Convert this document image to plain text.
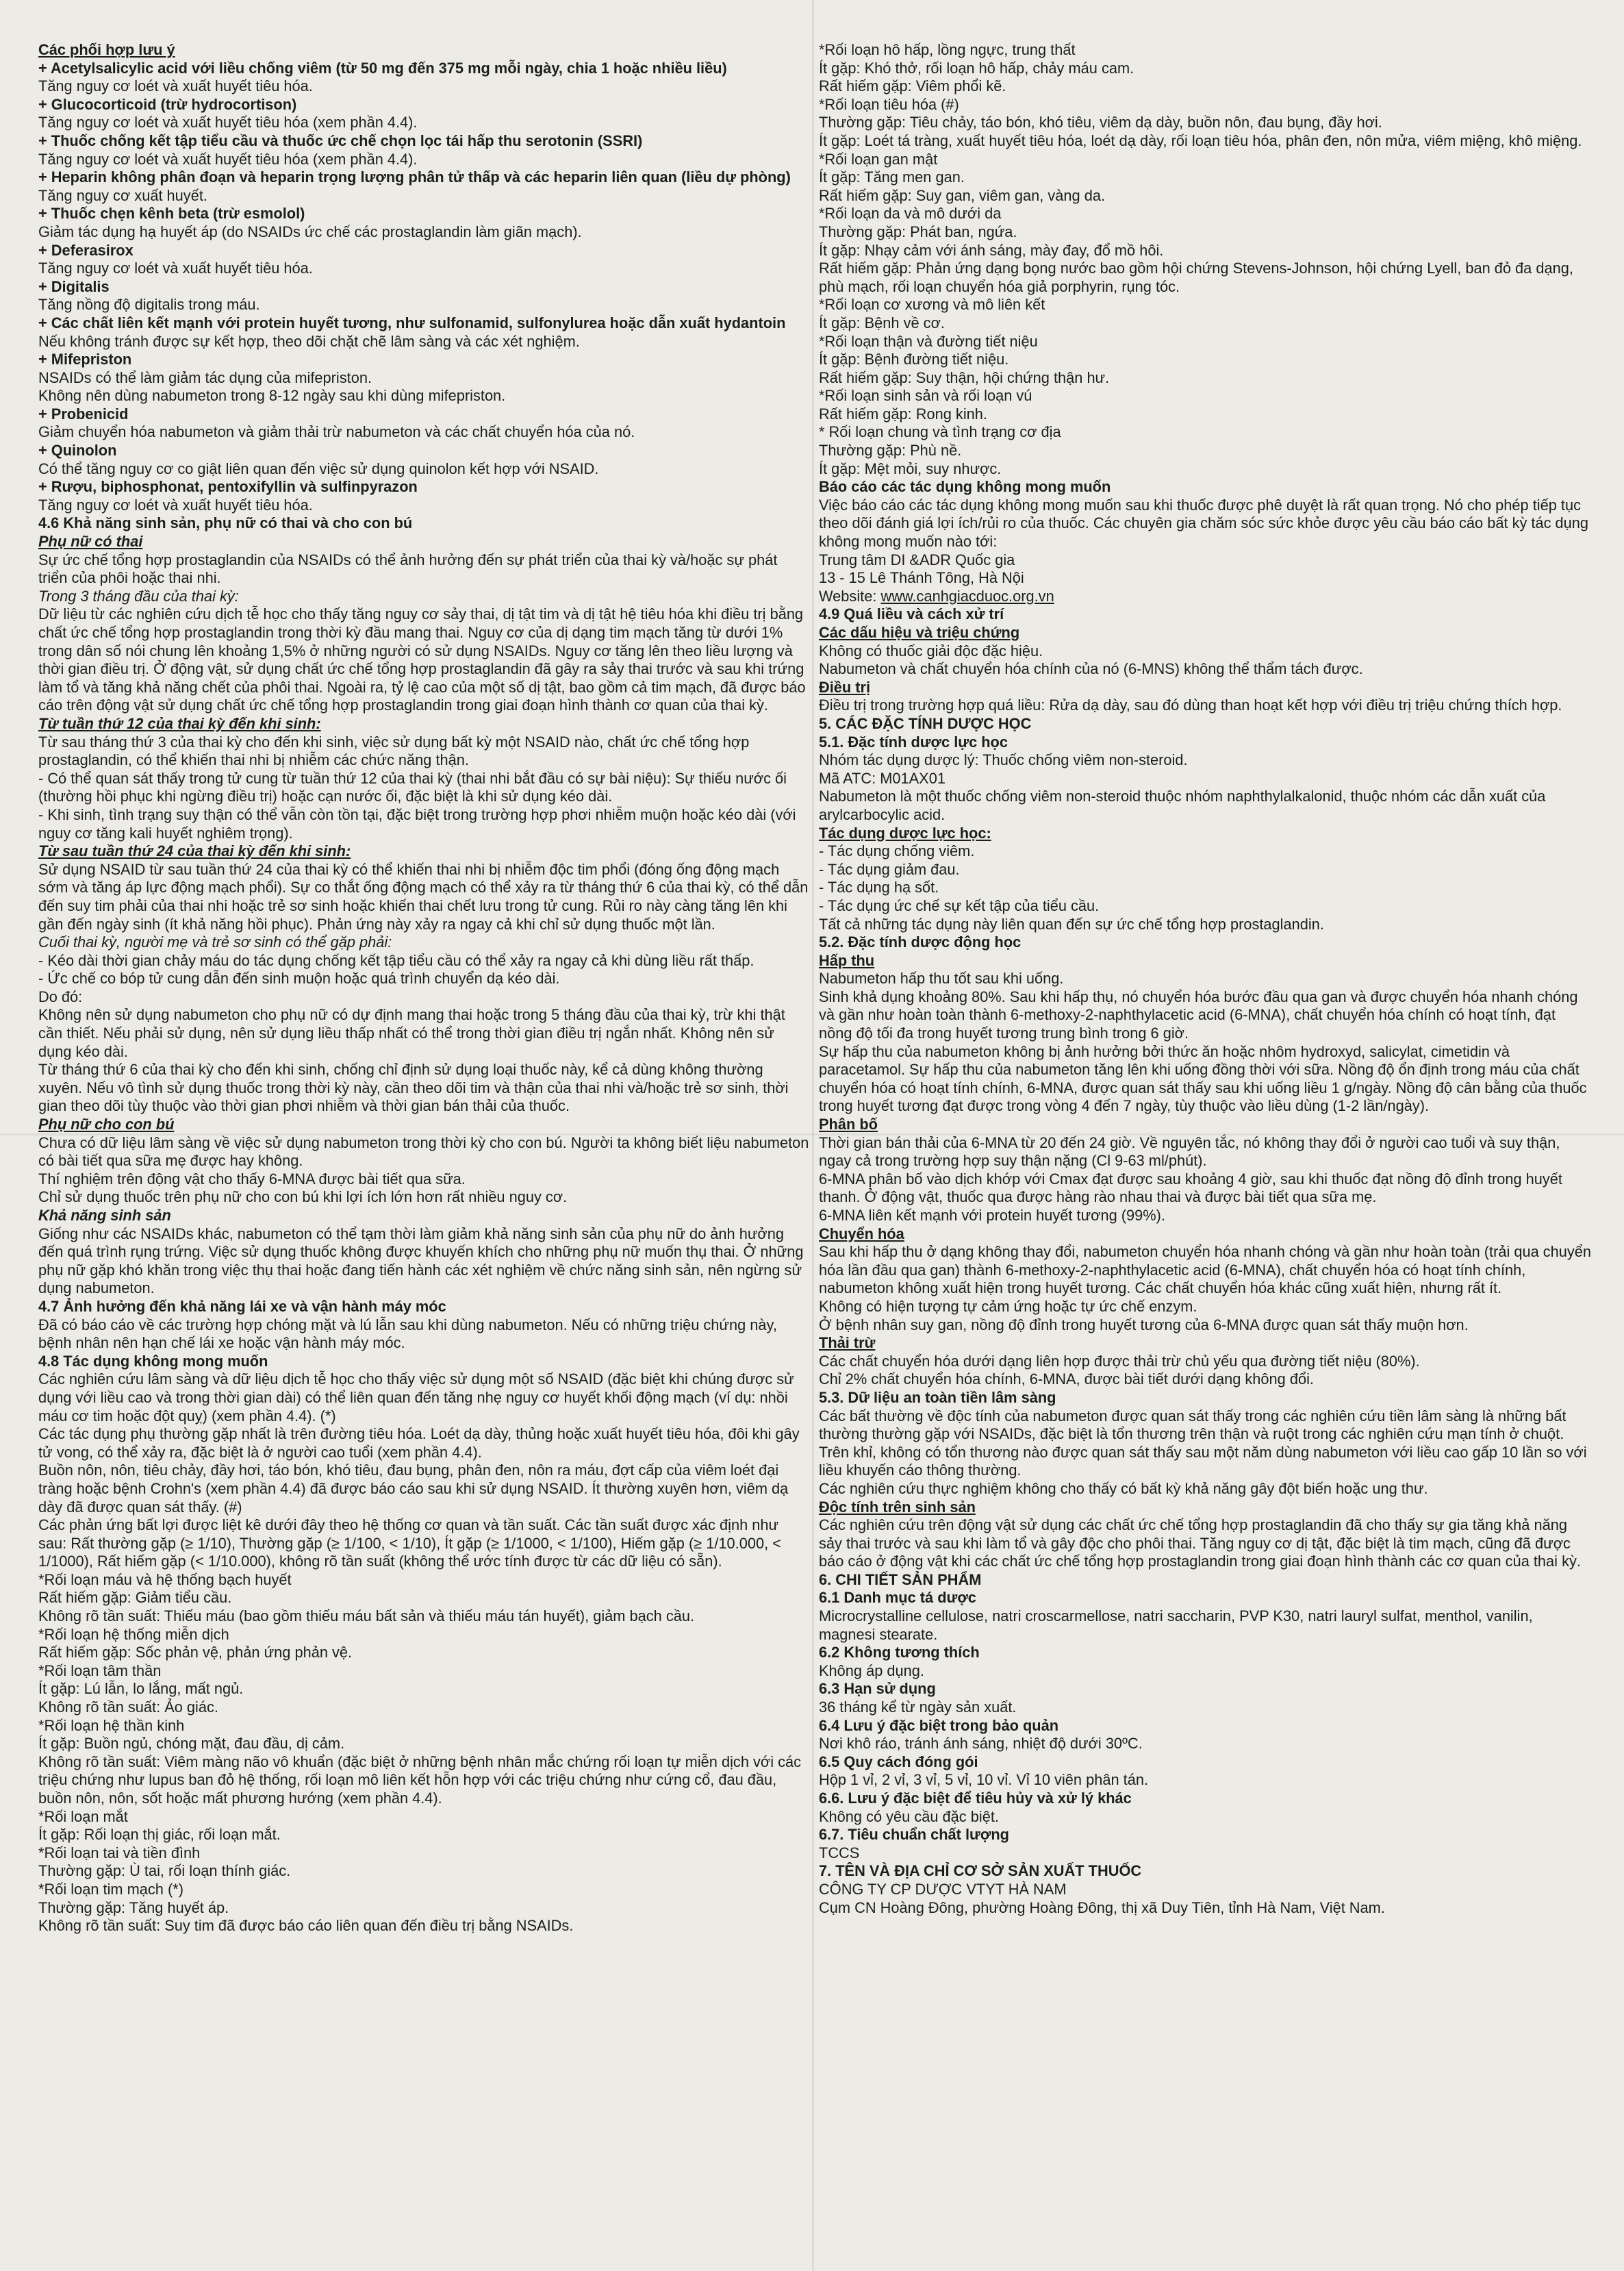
Các phối hợp lưu ý

+ Acetylsalicylic acid với liều chống viêm (từ 50 mg đến 375 mg mỗi ngày, chia 1 hoặc nhiều liều)

Tăng nguy cơ loét và xuất huyết tiêu hóa.

+ Glucocorticoid (trừ hydrocortison)

Tăng nguy cơ loét và xuất huyết tiêu hóa (xem phần 4.4).

+ Thuốc chống kết tập tiểu cầu và thuốc ức chế chọn lọc tái hấp thu serotonin (SSRI)

Tăng nguy cơ loét và xuất huyết tiêu hóa (xem phần 4.4).

+ Heparin không phân đoạn và heparin trọng lượng phân tử thấp và các heparin liên quan (liều dự phòng)

Tăng nguy cơ xuất huyết.

+ Thuốc chẹn kênh beta (trừ esmolol)

Giảm tác dụng hạ huyết áp (do NSAIDs ức chế các prostaglandin làm giãn mạch).

+ Deferasirox

Tăng nguy cơ loét và xuất huyết tiêu hóa.

+ Digitalis

Tăng nồng độ digitalis trong máu.

+ Các chất liên kết mạnh với protein huyết tương, như sulfonamid, sulfonylurea hoặc dẫn xuất hydantoin

Nếu không tránh được sự kết hợp, theo dõi chặt chẽ lâm sàng và các xét nghiệm.

+ Mifepriston

NSAIDs có thể làm giảm tác dụng của mifepriston.

Không nên dùng nabumeton trong 8-12 ngày sau khi dùng mifepriston.

+ Probenicid

Giảm chuyển hóa nabumeton và giảm thải trừ nabumeton và các chất chuyển hóa của nó.

+ Quinolon

Có thể tăng nguy cơ co giật liên quan đến việc sử dụng quinolon kết hợp với NSAID.

+ Rượu, biphosphonat, pentoxifyllin và sulfinpyrazon

Tăng nguy cơ loét và xuất huyết tiêu hóa.

4.6 Khả năng sinh sản, phụ nữ có thai và cho con bú

Phụ nữ có thai

Sự ức chế tổng hợp prostaglandin của NSAIDs có thể ảnh hưởng đến sự phát triển của thai kỳ và/hoặc sự phát triển của phôi hoặc thai nhi.

Trong 3 tháng đầu của thai kỳ:

Dữ liệu từ các nghiên cứu dịch tễ học cho thấy tăng nguy cơ sảy thai, dị tật tim và dị tật hệ tiêu hóa khi điều trị bằng chất ức chế tổng hợp prostaglandin trong thời kỳ đầu mang thai. Nguy cơ của dị dạng tim mạch tăng từ dưới 1% trong dân số nói chung lên khoảng 1,5% ở những người có sử dụng NSAIDs. Nguy cơ tăng lên theo liều lượng và thời gian điều trị. Ở động vật, sử dụng chất ức chế tổng hợp prostaglandin đã gây ra sảy thai trước và sau khi trứng làm tổ và tăng khả năng chết của phôi thai. Ngoài ra, tỷ lệ cao của một số dị tật, bao gồm cả tim mạch, đã được báo cáo trên động vật sử dụng chất ức chế tổng hợp prostaglandin trong giai đoạn hình thành cơ quan của thai kỳ.

Từ tuần thứ 12 của thai kỳ đến khi sinh:

Từ sau tháng thứ 3 của thai kỳ cho đến khi sinh, việc sử dụng bất kỳ một NSAID nào, chất ức chế tổng hợp prostaglandin, có thể khiến thai nhi bị nhiễm các chức năng thận.

- Có thể quan sát thấy trong tử cung từ tuần thứ 12 của thai kỳ (thai nhi bắt đầu có sự bài niệu): Sự thiếu nước ối (thường hồi phục khi ngừng điều trị) hoặc cạn nước ối, đặc biệt là khi sử dụng kéo dài.

- Khi sinh, tình trạng suy thận có thể vẫn còn tồn tại, đặc biệt trong trường hợp phơi nhiễm muộn hoặc kéo dài (với nguy cơ tăng kali huyết nghiêm trọng).

Từ sau tuần thứ 24 của thai kỳ đến khi sinh:

Sử dụng NSAID từ sau tuần thứ 24 của thai kỳ có thể khiến thai nhi bị nhiễm độc tim phổi (đóng ống động mạch sớm và tăng áp lực động mạch phổi). Sự co thắt ống động mạch có thể xảy ra từ tháng thứ 6 của thai kỳ, có thể dẫn đến suy tim phải của thai nhi hoặc trẻ sơ sinh hoặc khiến thai chết lưu trong tử cung. Rủi ro này càng tăng lên khi gần đến ngày sinh (ít khả năng hồi phục). Phản ứng này xảy ra ngay cả khi chỉ sử dụng thuốc một lần.

Cuối thai kỳ, người mẹ và trẻ sơ sinh có thể gặp phải:

- Kéo dài thời gian chảy máu do tác dụng chống kết tập tiểu cầu có thể xảy ra ngay cả khi dùng liều rất thấp.

- Ức chế co bóp tử cung dẫn đến sinh muộn hoặc quá trình chuyển dạ kéo dài.

Do đó:

Không nên sử dụng nabumeton cho phụ nữ có dự định mang thai hoặc trong 5 tháng đầu của thai kỳ, trừ khi thật cần thiết. Nếu phải sử dụng, nên sử dụng liều thấp nhất có thể trong thời gian điều trị ngắn nhất. Không nên sử dụng kéo dài.

Từ tháng thứ 6 của thai kỳ cho đến khi sinh, chống chỉ định sử dụng loại thuốc này, kể cả dùng không thường xuyên. Nếu vô tình sử dụng thuốc trong thời kỳ này, cần theo dõi tim và thận của thai nhi và/hoặc trẻ sơ sinh, thời gian theo dõi tùy thuộc vào thời gian phơi nhiễm và thời gian bán thải của thuốc.

Phụ nữ cho con bú

Chưa có dữ liệu lâm sàng về việc sử dụng nabumeton trong thời kỳ cho con bú. Người ta không biết liệu nabumeton có bài tiết qua sữa mẹ được hay không.

Thí nghiệm trên động vật cho thấy 6-MNA được bài tiết qua sữa.

Chỉ sử dụng thuốc trên phụ nữ cho con bú khi lợi ích lớn hơn rất nhiều nguy cơ.

Khả năng sinh sản

Giống như các NSAIDs khác, nabumeton có thể tạm thời làm giảm khả năng sinh sản của phụ nữ do ảnh hưởng đến quá trình rụng trứng. Việc sử dụng thuốc không được khuyến khích cho những phụ nữ muốn thụ thai. Ở những phụ nữ gặp khó khăn trong việc thụ thai hoặc đang tiến hành các xét nghiệm về chức năng sinh sản, nên ngừng sử dụng nabumeton.

4.7 Ảnh hưởng đến khả năng lái xe và vận hành máy móc

Đã có báo cáo về các trường hợp chóng mặt và lú lẫn sau khi dùng nabumeton. Nếu có những triệu chứng này, bệnh nhân nên hạn chế lái xe hoặc vận hành máy móc.

4.8 Tác dụng không mong muốn

Các nghiên cứu lâm sàng và dữ liệu dịch tễ học cho thấy việc sử dụng một số NSAID (đặc biệt khi chúng được sử dụng với liều cao và trong thời gian dài) có thể liên quan đến tăng nhẹ nguy cơ huyết khối động mạch (ví dụ: nhồi máu cơ tim hoặc đột quỵ) (xem phần 4.4). (*)

Các tác dụng phụ thường gặp nhất là trên đường tiêu hóa. Loét dạ dày, thủng hoặc xuất huyết tiêu hóa, đôi khi gây tử vong, có thể xảy ra, đặc biệt là ở người cao tuổi (xem phần 4.4).

Buồn nôn, nôn, tiêu chảy, đầy hơi, táo bón, khó tiêu, đau bụng, phân đen, nôn ra máu, đợt cấp của viêm loét đại tràng hoặc bệnh Crohn's (xem phần 4.4) đã được báo cáo sau khi sử dụng NSAID. Ít thường xuyên hơn, viêm dạ dày đã được quan sát thấy. (#)

Các phản ứng bất lợi được liệt kê dưới đây theo hệ thống cơ quan và tần suất. Các tần suất được xác định như sau: Rất thường gặp (≥ 1/10), Thường gặp (≥ 1/100, < 1/10), Ít gặp (≥ 1/1000, < 1/100), Hiếm gặp (≥ 1/10.000, < 1/1000), Rất hiếm gặp (< 1/10.000), không rõ tần suất (không thể ước tính được từ các dữ liệu có sẵn).

*Rối loạn máu và hệ thống bạch huyết

Rất hiếm gặp: Giảm tiểu cầu.

Không rõ tần suất: Thiếu máu (bao gồm thiếu máu bất sản và thiếu máu tán huyết), giảm bạch cầu.

*Rối loạn hệ thống miễn dịch

Rất hiếm gặp: Sốc phản vệ, phản ứng phản vệ.

*Rối loạn tâm thần

Ít gặp: Lú lẫn, lo lắng, mất ngủ.

Không rõ tần suất: Ảo giác.

*Rối loạn hệ thần kinh

Ít gặp: Buồn ngủ, chóng mặt, đau đầu, dị cảm.

Không rõ tần suất: Viêm màng não vô khuẩn (đặc biệt ở những bệnh nhân mắc chứng rối loạn tự miễn dịch với các triệu chứng như lupus ban đỏ hệ thống, rối loạn mô liên kết hỗn hợp với các triệu chứng như cứng cổ, đau đầu, buồn nôn, nôn, sốt hoặc mất phương hướng (xem phần 4.4).

*Rối loạn mắt

Ít gặp: Rối loạn thị giác, rối loạn mắt.

*Rối loạn tai và tiền đình

Thường gặp: Ù tai, rối loạn thính giác.

*Rối loạn tim mạch (*)

Thường gặp: Tăng huyết áp.

Không rõ tần suất: Suy tim đã được báo cáo liên quan đến điều trị bằng NSAIDs.

*Rối loạn hô hấp, lồng ngực, trung thất

Ít gặp: Khó thở, rối loạn hô hấp, chảy máu cam.

Rất hiếm gặp: Viêm phổi kẽ.

*Rối loạn tiêu hóa (#)

Thường gặp: Tiêu chảy, táo bón, khó tiêu, viêm dạ dày, buồn nôn, đau bụng, đầy hơi.

Ít gặp: Loét tá tràng, xuất huyết tiêu hóa, loét dạ dày, rối loạn tiêu hóa, phân đen, nôn mửa, viêm miệng, khô miệng.

*Rối loạn gan mật

Ít gặp: Tăng men gan.

Rất hiếm gặp: Suy gan, viêm gan, vàng da.

*Rối loạn da và mô dưới da

Thường gặp: Phát ban, ngứa.

Ít gặp: Nhạy cảm với ánh sáng, mày đay, đổ mồ hôi.

Rất hiếm gặp: Phản ứng dạng bọng nước bao gồm hội chứng Stevens-Johnson, hội chứng Lyell, ban đỏ đa dạng, phù mạch, rối loạn chuyển hóa giả porphyrin, rụng tóc.

*Rối loạn cơ xương và mô liên kết

Ít gặp: Bệnh về cơ.

*Rối loạn thận và đường tiết niệu

Ít gặp: Bệnh đường tiết niệu.

Rất hiếm gặp: Suy thận, hội chứng thận hư.

*Rối loạn sinh sản và rối loạn vú

Rất hiếm gặp: Rong kinh.

* Rối loạn chung và tình trạng cơ địa

Thường gặp: Phù nề.

Ít gặp: Mệt mỏi, suy nhược.

Báo cáo các tác dụng không mong muốn

Việc báo cáo các tác dụng không mong muốn sau khi thuốc được phê duyệt là rất quan trọng. Nó cho phép tiếp tục theo dõi đánh giá lợi ích/rủi ro của thuốc. Các chuyên gia chăm sóc sức khỏe được yêu cầu báo cáo bất kỳ tác dụng không mong muốn nào tới:

Trung tâm DI &ADR Quốc gia

13 - 15 Lê Thánh Tông, Hà Nội

Website: www.canhgiacduoc.org.vn

4.9 Quá liều và cách xử trí

Các dấu hiệu và triệu chứng

Không có thuốc giải độc đặc hiệu.

Nabumeton và chất chuyển hóa chính của nó (6-MNS) không thể thẩm tách được.

Điều trị

Điều trị trong trường hợp quá liều: Rửa dạ dày, sau đó dùng than hoạt kết hợp với điều trị triệu chứng thích hợp.

5. CÁC ĐẶC TÍNH DƯỢC HỌC

5.1. Đặc tính dược lực học

Nhóm tác dụng dược lý: Thuốc chống viêm non-steroid.

Mã ATC: M01AX01

Nabumeton là một thuốc chống viêm non-steroid thuộc nhóm naphthylalkalonid, thuộc nhóm các dẫn xuất của arylcarbocylic acid.

Tác dụng dược lực học:

- Tác dụng chống viêm.

- Tác dụng giảm đau.

- Tác dụng hạ sốt.

- Tác dụng ức chế sự kết tập của tiểu cầu.

Tất cả những tác dụng này liên quan đến sự ức chế tổng hợp prostaglandin.

5.2. Đặc tính dược động học

Hấp thu

Nabumeton hấp thu tốt sau khi uống.

Sinh khả dụng khoảng 80%. Sau khi hấp thụ, nó chuyển hóa bước đầu qua gan và được chuyển hóa nhanh chóng và gần như hoàn toàn thành 6-methoxy-2-naphthylacetic acid (6-MNA), chất chuyển hóa chính có hoạt tính, đạt nồng độ tối đa trong huyết tương trung bình trong 6 giờ.

Sự hấp thu của nabumeton không bị ảnh hưởng bởi thức ăn hoặc nhôm hydroxyd, salicylat, cimetidin và paracetamol. Sự hấp thu của nabumeton tăng lên khi uống đồng thời với sữa. Nồng độ ổn định trong máu của chất chuyển hóa có hoạt tính chính, 6-MNA, được quan sát thấy sau khi uống liều 1 g/ngày. Nồng độ cân bằng của thuốc trong huyết tương đạt được trong vòng 4 đến 7 ngày, tùy thuộc vào liều dùng (1-2 lần/ngày).

Phân bố

Thời gian bán thải của 6-MNA từ 20 đến 24 giờ. Về nguyên tắc, nó không thay đổi ở người cao tuổi và suy thận, ngay cả trong trường hợp suy thận nặng (Cl 9-63 ml/phút).

6-MNA phân bố vào dịch khớp với Cmax đạt được sau khoảng 4 giờ, sau khi thuốc đạt nồng độ đỉnh trong huyết thanh. Ở động vật, thuốc qua được hàng rào nhau thai và được bài tiết qua sữa mẹ.

6-MNA liên kết mạnh với protein huyết tương (99%).

Chuyển hóa

Sau khi hấp thu ở dạng không thay đổi, nabumeton chuyển hóa nhanh chóng và gần như hoàn toàn (trải qua chuyển hóa lần đầu qua gan) thành 6-methoxy-2-naphthylacetic acid (6-MNA), chất chuyển hóa có hoạt tính chính, nabumeton không xuất hiện trong huyết tương. Các chất chuyển hóa khác cũng xuất hiện, nhưng rất ít.

Không có hiện tượng tự cảm ứng hoặc tự ức chế enzym.

Ở bệnh nhân suy gan, nồng độ đỉnh trong huyết tương của 6-MNA được quan sát thấy muộn hơn.

Thải trừ

Các chất chuyển hóa dưới dạng liên hợp được thải trừ chủ yếu qua đường tiết niệu (80%).

Chỉ 2% chất chuyển hóa chính, 6-MNA, được bài tiết dưới dạng không đổi.

5.3. Dữ liệu an toàn tiền lâm sàng

Các bất thường về độc tính của nabumeton được quan sát thấy trong các nghiên cứu tiền lâm sàng là những bất thường thường gặp với NSAIDs, đặc biệt là tổn thương trên thận và ruột trong các nghiên cứu mạn tính ở chuột.

Trên khỉ, không có tổn thương nào được quan sát thấy sau một năm dùng nabumeton với liều cao gấp 10 lần so với liều khuyến cáo thông thường.

Các nghiên cứu thực nghiệm không cho thấy có bất kỳ khả năng gây đột biến hoặc ung thư.

Độc tính trên sinh sản

Các nghiên cứu trên động vật sử dụng các chất ức chế tổng hợp prostaglandin đã cho thấy sự gia tăng khả năng sảy thai trước và sau khi làm tổ và gây độc cho phôi thai. Tăng nguy cơ dị tật, đặc biệt là tim mạch, cũng đã được báo cáo ở động vật khi các chất ức chế tổng hợp prostaglandin trong giai đoạn hình thành các cơ quan của thai kỳ.

6. CHI TIẾT SẢN PHẨM

6.1 Danh mục tá dược

Microcrystalline cellulose, natri croscarmellose, natri saccharin, PVP K30, natri lauryl sulfat, menthol, vanilin, magnesi stearate.

6.2 Không tương thích

Không áp dụng.

6.3 Hạn sử dụng

36 tháng kể từ ngày sản xuất.

6.4 Lưu ý đặc biệt trong bảo quản

Nơi khô ráo, tránh ánh sáng, nhiệt độ dưới 30ºC.

6.5 Quy cách đóng gói

Hộp 1 vỉ, 2 vỉ, 3 vỉ, 5 vỉ, 10 vỉ. Vỉ 10 viên phân tán.

6.6. Lưu ý đặc biệt để tiêu hủy và xử lý khác

Không có yêu cầu đặc biệt.

6.7. Tiêu chuẩn chất lượng

TCCS

7. TÊN VÀ ĐỊA CHỈ CƠ SỞ SẢN XUẤT THUỐC

CÔNG TY CP DƯỢC VTYT HÀ NAM

Cụm CN Hoàng Đông, phường Hoàng Đông, thị xã Duy Tiên, tỉnh Hà Nam, Việt Nam.
